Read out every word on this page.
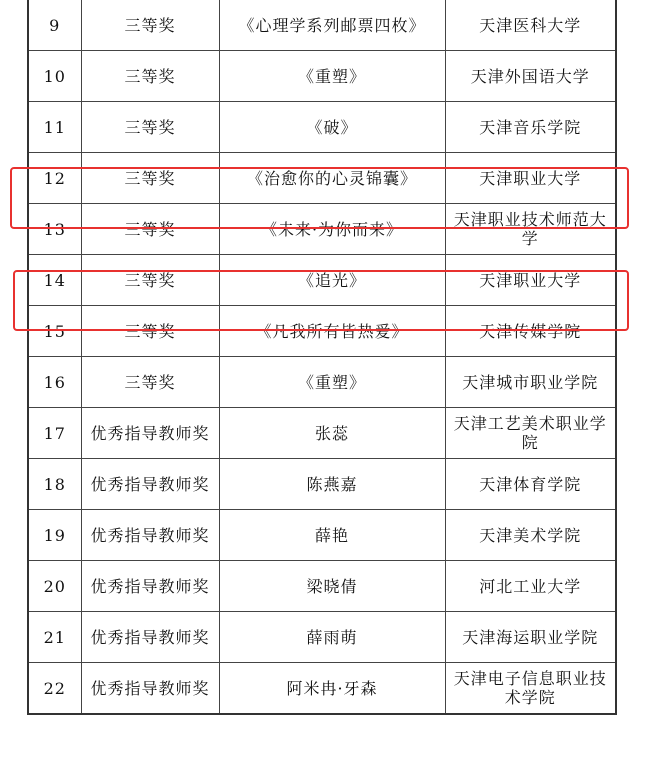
9	三等奖	《心理学系列邮票四枚》	天津医科大学
10	三等奖	《重塑》	天津外国语大学
11	三等奖	《破》	天津音乐学院
12	三等奖	《治愈你的心灵锦囊》	天津职业大学
13	三等奖	《未来·为你而来》	天津职业技术师范大学
14	三等奖	《追光》	天津职业大学
15	三等奖	《凡我所有皆热爱》	天津传媒学院
16	三等奖	《重塑》	天津城市职业学院
17	优秀指导教师奖	张蕊	天津工艺美术职业学院
18	优秀指导教师奖	陈燕嘉	天津体育学院
19	优秀指导教师奖	薛艳	天津美术学院
20	优秀指导教师奖	梁晓倩	河北工业大学
21	优秀指导教师奖	薛雨萌	天津海运职业学院
22	优秀指导教师奖	阿米冉·牙森	天津电子信息职业技术学院
